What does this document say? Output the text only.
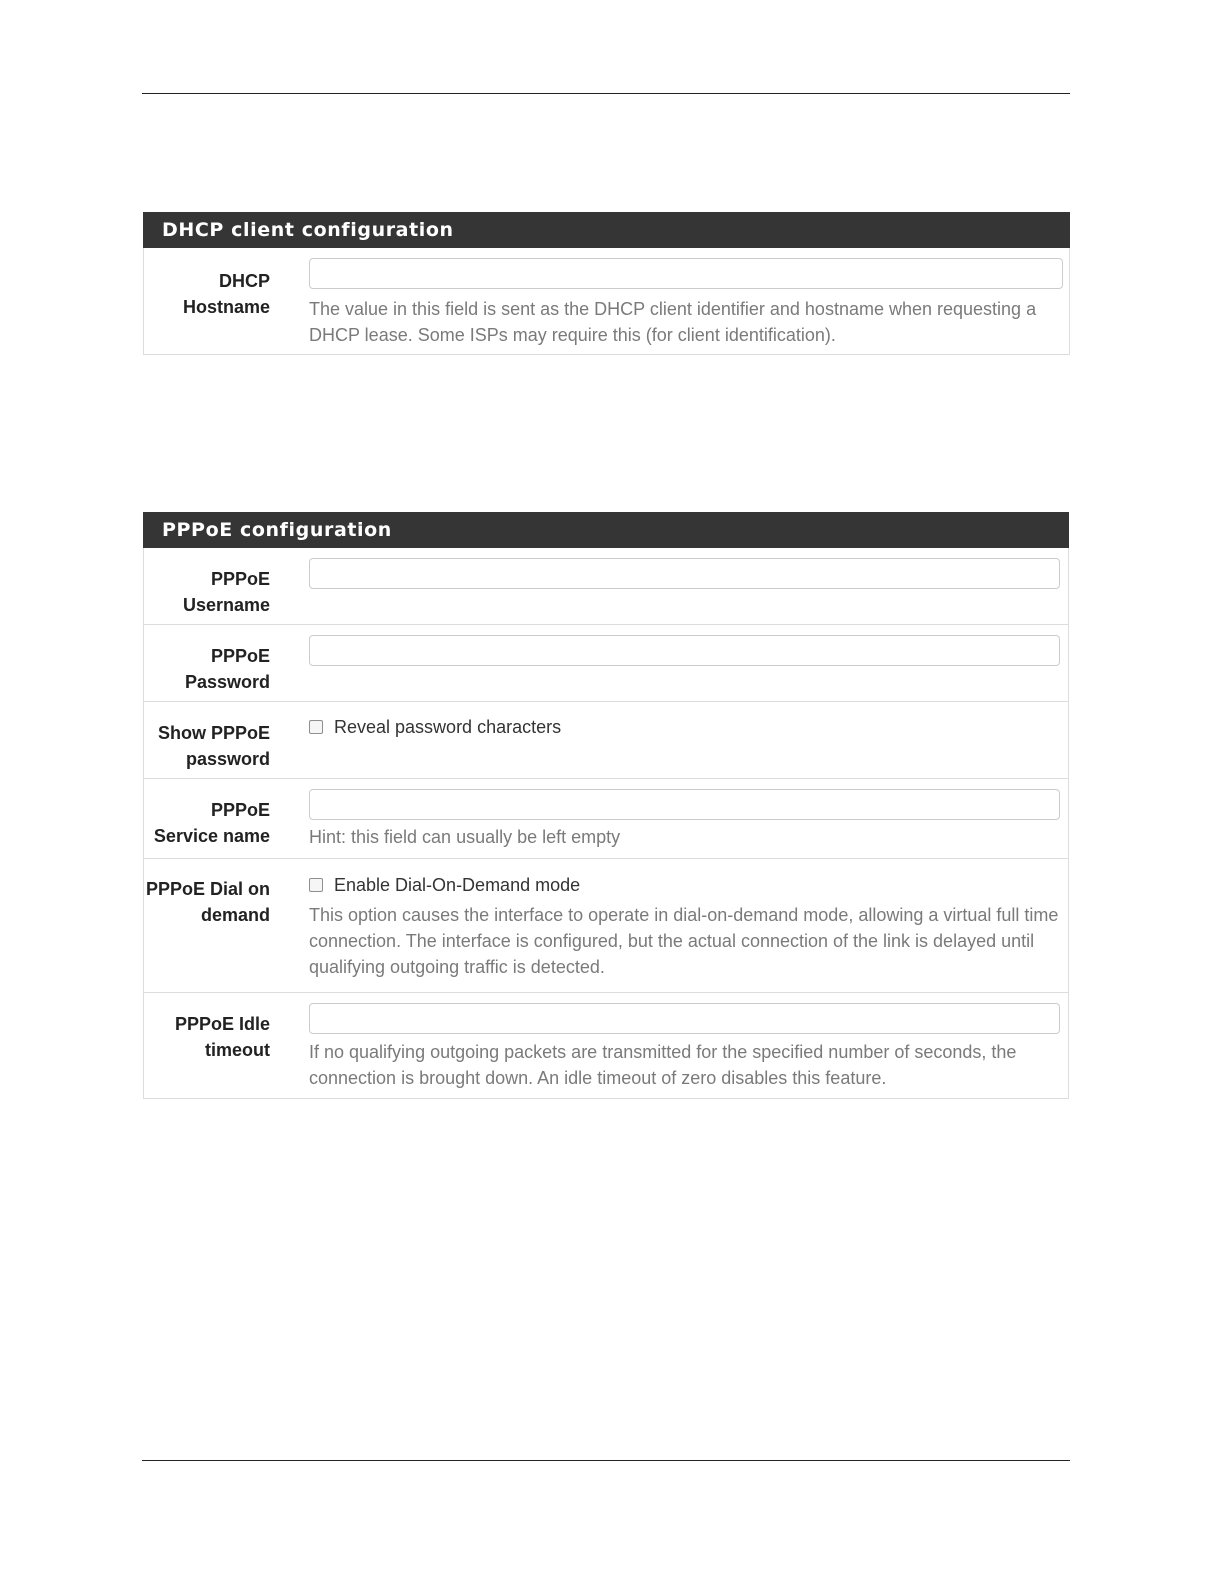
DHCP client configuration
DHCP
Hostname The value in this field is sent as the DHCP client identifier and hostname when requesting a DHCP lease. Some ISPs may require this (for client identification).
PPPoE configuration
PPPoE
Username
PPPoE
Password
Show PPPoE
password
Reveal password characters
PPPoE
Service name Hint: this field can usually be left empty
PPPoE Dial on
demand
Enable Dial-On-Demand mode
This option causes the interface to operate in dial-on-demand mode, allowing a virtual full time connection. The interface is configured, but the actual connection of the link is delayed until qualifying outgoing traffic is detected.
PPPoE Idle
timeout If no qualifying outgoing packets are transmitted for the specified number of seconds, the connection is brought down. An idle timeout of zero disables this feature.
